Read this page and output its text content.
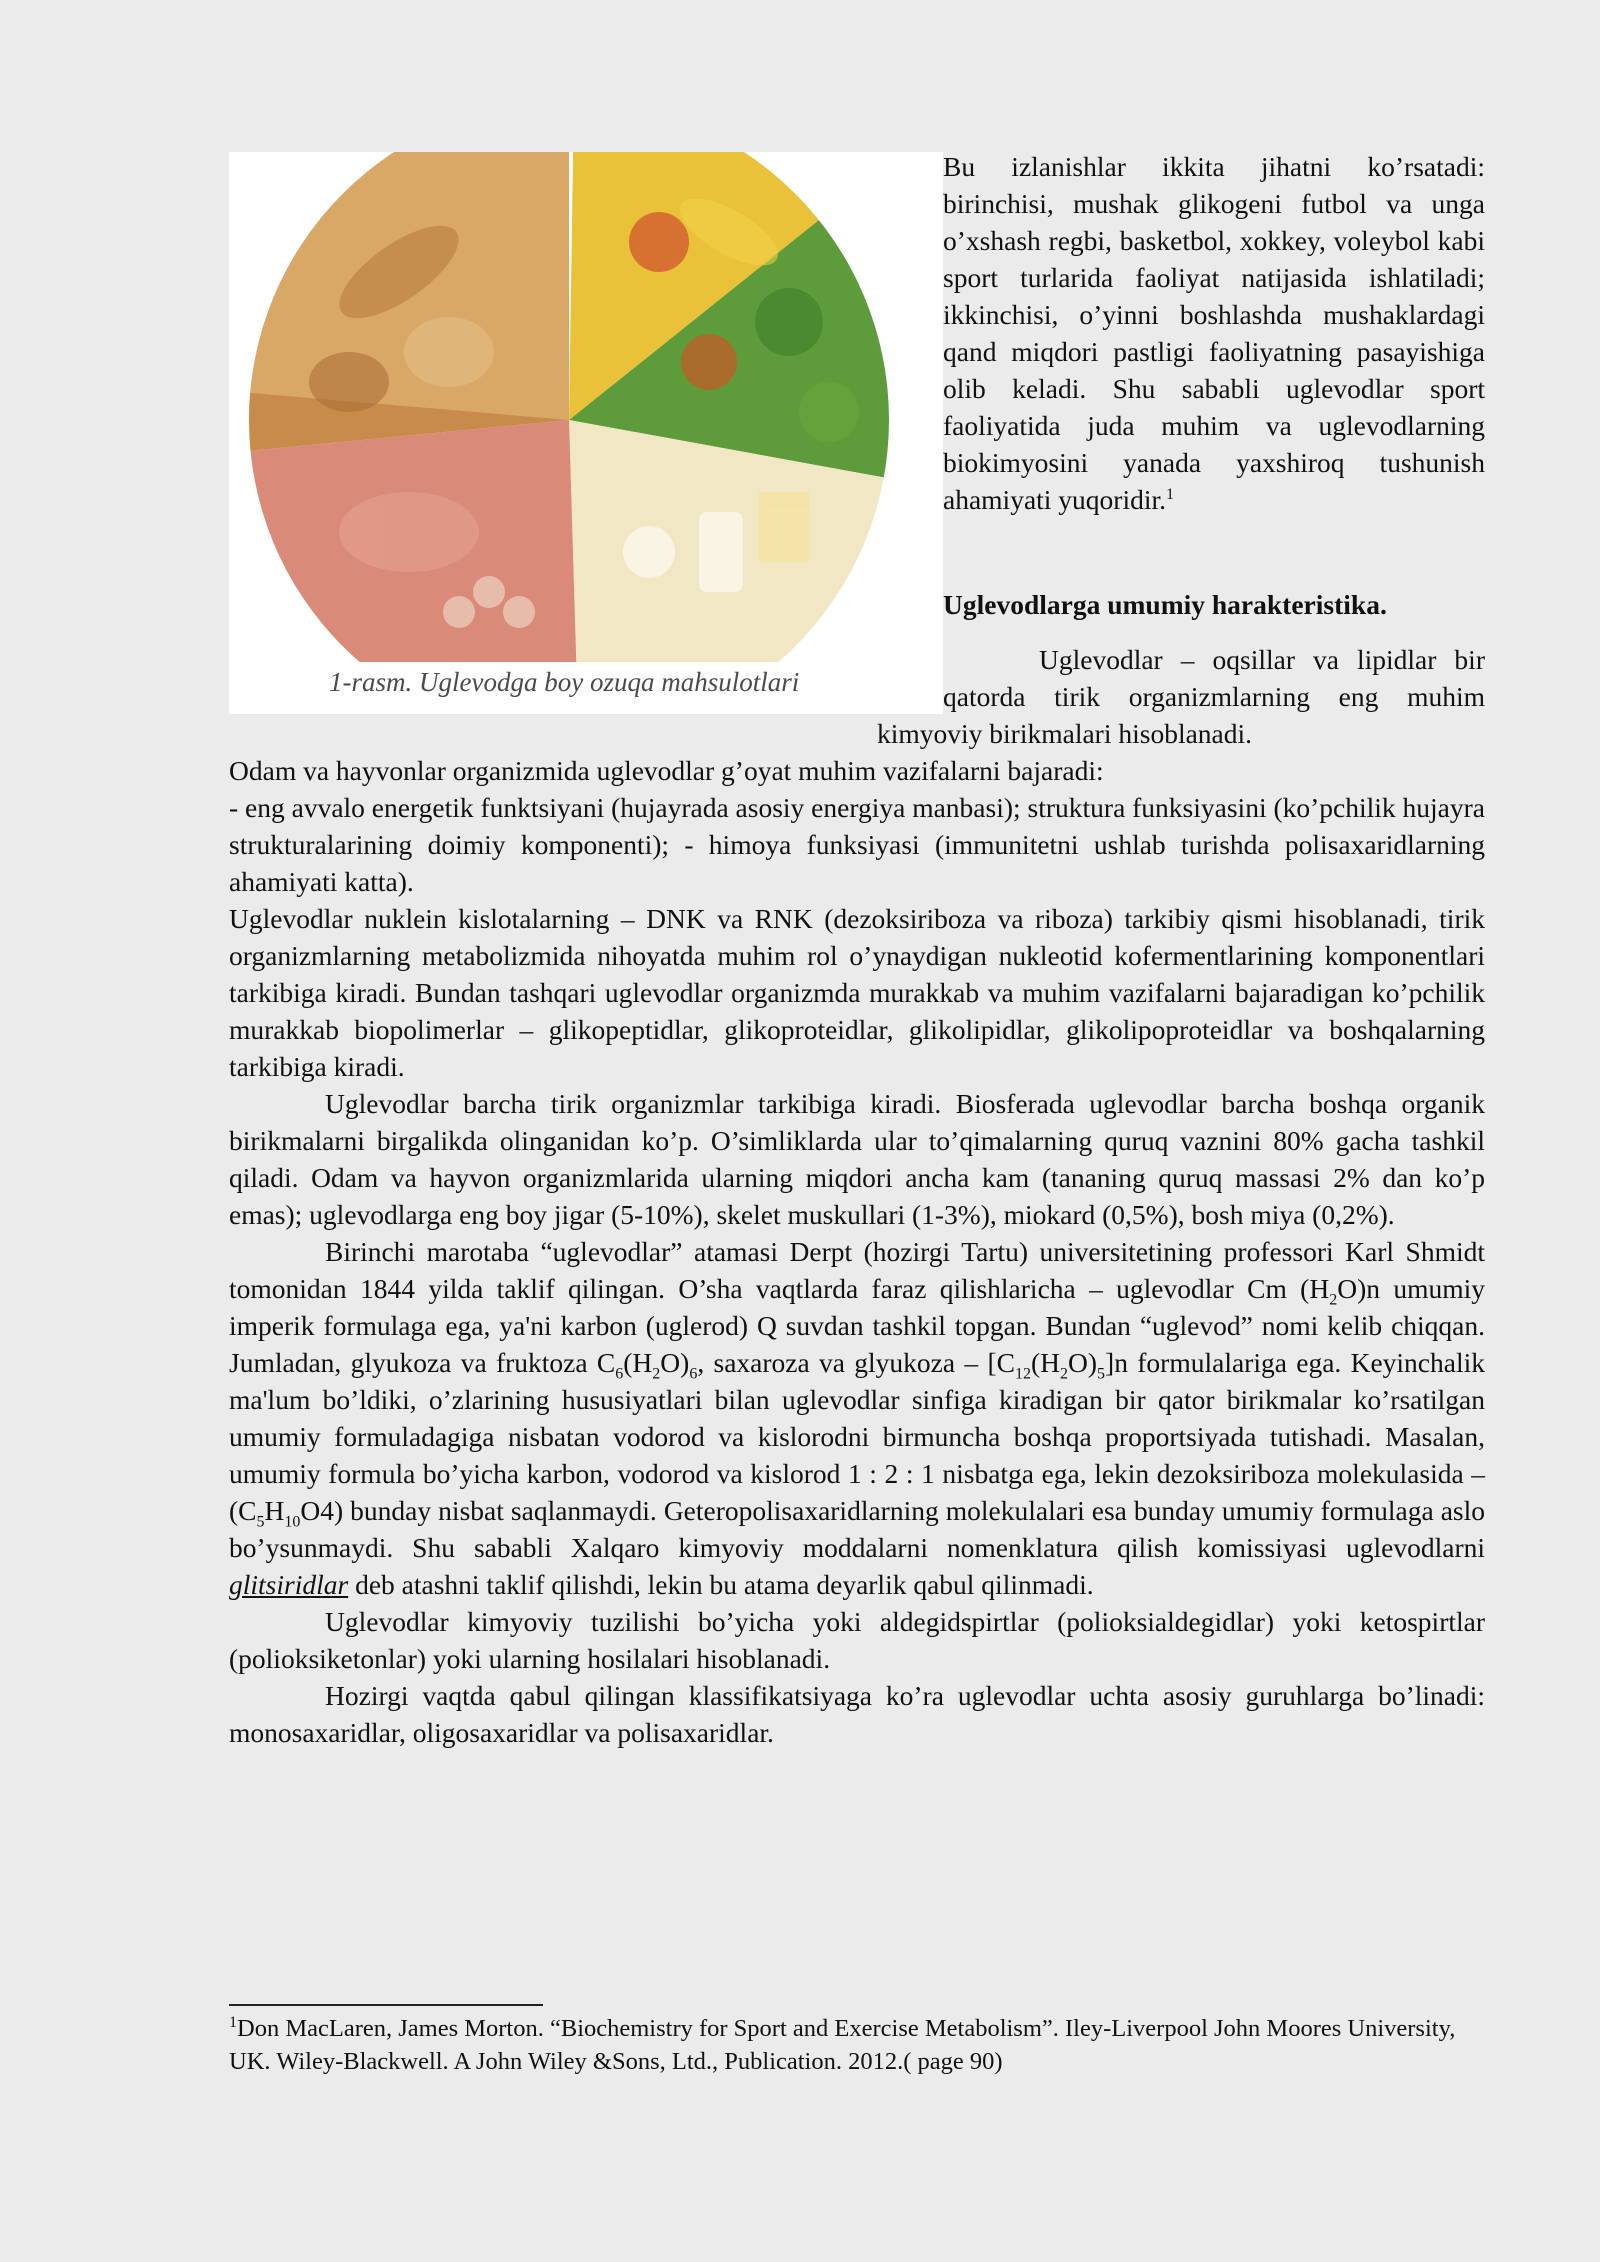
1-rasm. Uglevodga boy ozuqa mahsulotlari

Bu izlanishlar ikkita jihatni ko’rsatadi: birinchisi, mushak glikogeni futbol va unga o’xshash regbi, basketbol, xokkey, voleybol kabi sport turlarida faoliyat natijasida ishlatiladi; ikkinchisi, o’yinni boshlashda mushaklardagi qand miqdori pastligi faoliyatning pasayishiga olib keladi. Shu sababli uglevodlar sport faoliyatida juda muhim va uglevodlarning biokimyosini yanada yaxshiroq tushunish ahamiyati yuqoridir.$^1$

Uglevodlarga umumiy harakteristika.

Uglevodlar – oqsillar va lipidlar bir qatorda tirik organizmlarning eng muhim kimyoviy birikmalari hisoblanadi.

Odam va hayvonlar organizmida uglevodlar g’oyat muhim vazifalarni bajaradi:

- eng avvalo energetik funktsiyani (hujayrada asosiy energiya manbasi); struktura funksiyasini (ko’pchilik hujayra strukturalarining doimiy komponenti); - himoya funksiyasi (immunitetni ushlab turishda polisaxaridlarning ahamiyati katta).

Uglevodlar nuklein kislotalarning – DNK va RNK (dezoksiriboza va riboza) tarkibiy qismi hisoblanadi, tirik organizmlarning metabolizmida nihoyatda muhim rol o’ynaydigan nukleotid kofermentlarining komponentlari tarkibiga kiradi. Bundan tashqari uglevodlar organizmda murakkab va muhim vazifalarni bajaradigan ko’pchilik murakkab biopolimerlar – glikopeptidlar, glikoproteidlar, glikolipidlar, glikolipoproteidlar va boshqalarning tarkibiga kiradi.

Uglevodlar barcha tirik organizmlar tarkibiga kiradi. Biosferada uglevodlar barcha boshqa organik birikmalarni birgalikda olinganidan ko’p. O’simliklarda ular to’qimalarning quruq vaznini 80% gacha tashkil qiladi. Odam va hayvon organizmlarida ularning miqdori ancha kam (tananing quruq massasi 2% dan ko’p emas); uglevodlarga eng boy jigar (5-10%), skelet muskullari (1-3%), miokard (0,5%), bosh miya (0,2%).

Birinchi marotaba “uglevodlar” atamasi Derpt (hozirgi Tartu) universitetining professori Karl Shmidt tomonidan 1844 yilda taklif qilingan. O’sha vaqtlarda faraz qilishlaricha – uglevodlar Cm $(H_2O)n$ umumiy imperik formulaga ega, ya'ni karbon (uglerod) Q suvdan tashkil topgan. Bundan “uglevod” nomi kelib chiqqan. Jumladan, glyukoza va fruktoza $C_6(H_2O)_6$, saxaroza va glyukoza – $[C_{12}(H_2O)_5]n$ formulalariga ega. Keyinchalik ma'lum bo’ldiki, o’zlarining hususiyatlari bilan uglevodlar sinfiga kiradigan bir qator birikmalar ko’rsatilgan umumiy formuladagiga nisbatan vodorod va kislorodni birmuncha boshqa proportsiyada tutishadi. Masalan, umumiy formula bo’yicha karbon, vodorod va kislorod 1 : 2 : 1 nisbatga ega, lekin dezoksiriboza molekulasida – $(C_5H_{10}O4)$ bunday nisbat saqlanmaydi. Geteropolisaxaridlarning molekulalari esa bunday umumiy formulaga aslo bo’ysunmaydi. Shu sababli Xalqaro kimyoviy moddalarni nomenklatura qilish komissiyasi uglevodlarni glitsiridlar deb atashni taklif qilishdi, lekin bu atama deyarlik qabul qilinmadi.

Uglevodlar kimyoviy tuzilishi bo’yicha yoki aldegidspirtlar (polioksialdegidlar) yoki ketospirtlar (polioksiketonlar) yoki ularning hosilalari hisoblanadi.

Hozirgi vaqtda qabul qilingan klassifikatsiyaga ko’ra uglevodlar uchta asosiy guruhlarga bo’linadi: monosaxaridlar, oligosaxaridlar va polisaxaridlar.

$^1$Don MacLaren, James Morton. “Biochemistry for Sport and Exercise Metabolism”. Iley-Liverpool John Moores University, UK. Wiley-Blackwell. A John Wiley &Sons, Ltd., Publication. 2012.( page 90)
